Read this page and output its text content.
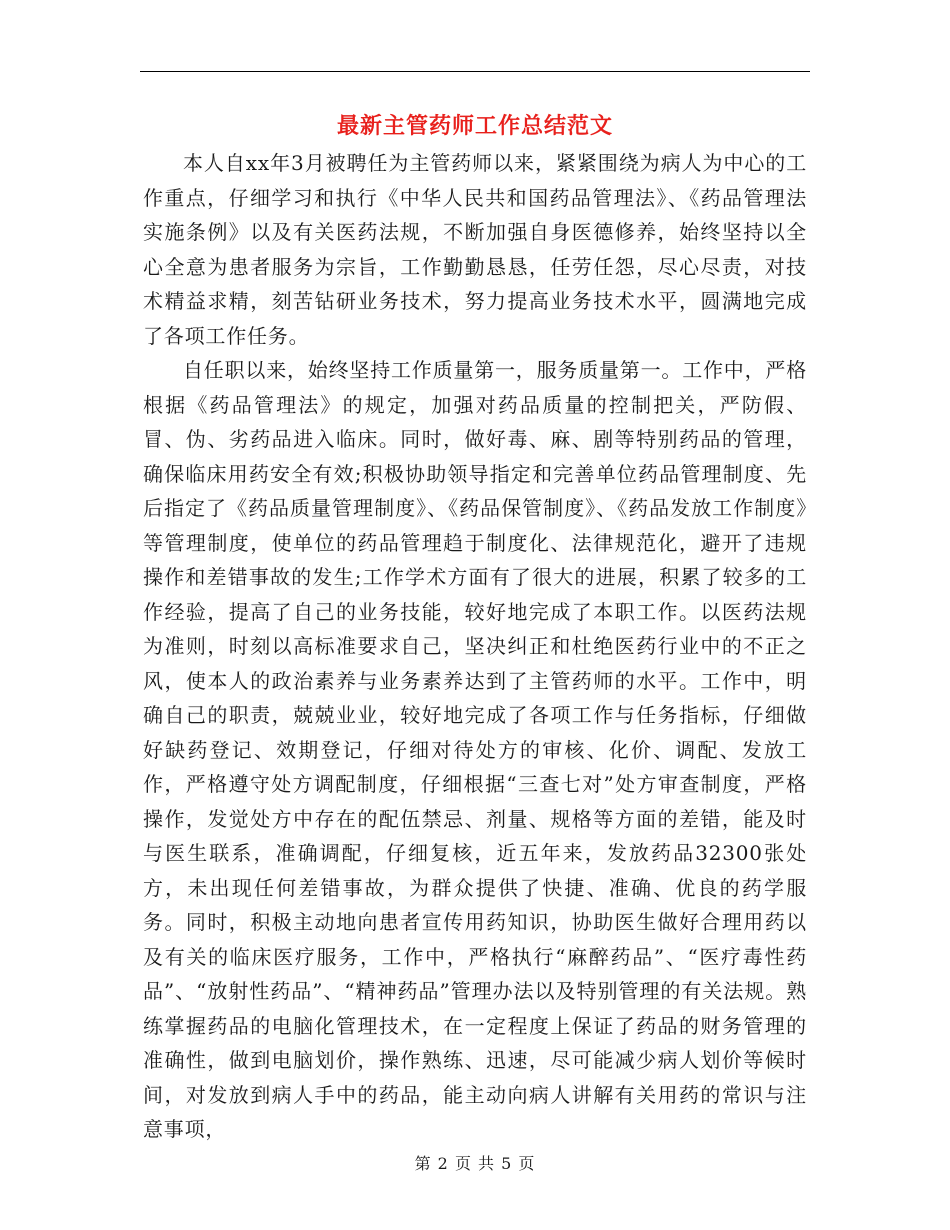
最新主管药师工作总结范文

本人自xx年3月被聘任为主管药师以来，紧紧围绕为病人为中心的工作重点，仔细学习和执行《中华人民共和国药品管理法》、《药品管理法实施条例》以及有关医药法规，不断加强自身医德修养，始终坚持以全心全意为患者服务为宗旨，工作勤勤恳恳，任劳任怨，尽心尽责，对技术精益求精，刻苦钻研业务技术，努力提高业务技术水平，圆满地完成了各项工作任务。

自任职以来，始终坚持工作质量第一，服务质量第一。工作中，严格根据《药品管理法》的规定，加强对药品质量的控制把关，严防假、冒、伪、劣药品进入临床。同时，做好毒、麻、剧等特别药品的管理，确保临床用药安全有效;积极协助领导指定和完善单位药品管理制度、先后指定了《药品质量管理制度》、《药品保管制度》、《药品发放工作制度》等管理制度，使单位的药品管理趋于制度化、法律规范化，避开了违规操作和差错事故的发生;工作学术方面有了很大的进展，积累了较多的工作经验，提高了自己的业务技能，较好地完成了本职工作。以医药法规为准则，时刻以高标准要求自己，坚决纠正和杜绝医药行业中的不正之风，使本人的政治素养与业务素养达到了主管药师的水平。工作中，明确自己的职责，兢兢业业，较好地完成了各项工作与任务指标，仔细做好缺药登记、效期登记，仔细对待处方的审核、化价、调配、发放工作，严格遵守处方调配制度，仔细根据“三查七对”处方审查制度，严格操作，发觉处方中存在的配伍禁忌、剂量、规格等方面的差错，能及时与医生联系，准确调配，仔细复核，近五年来，发放药品32300张处方，未出现任何差错事故，为群众提供了快捷、准确、优良的药学服务。同时，积极主动地向患者宣传用药知识，协助医生做好合理用药以及有关的临床医疗服务，工作中，严格执行“麻醉药品”、“医疗毒性药品”、“放射性药品”、“精神药品”管理办法以及特别管理的有关法规。熟练掌握药品的电脑化管理技术，在一定程度上保证了药品的财务管理的准确性，做到电脑划价，操作熟练、迅速，尽可能减少病人划价等候时间，对发放到病人手中的药品，能主动向病人讲解有关用药的常识与注意事项，

第 2 页 共 5 页
